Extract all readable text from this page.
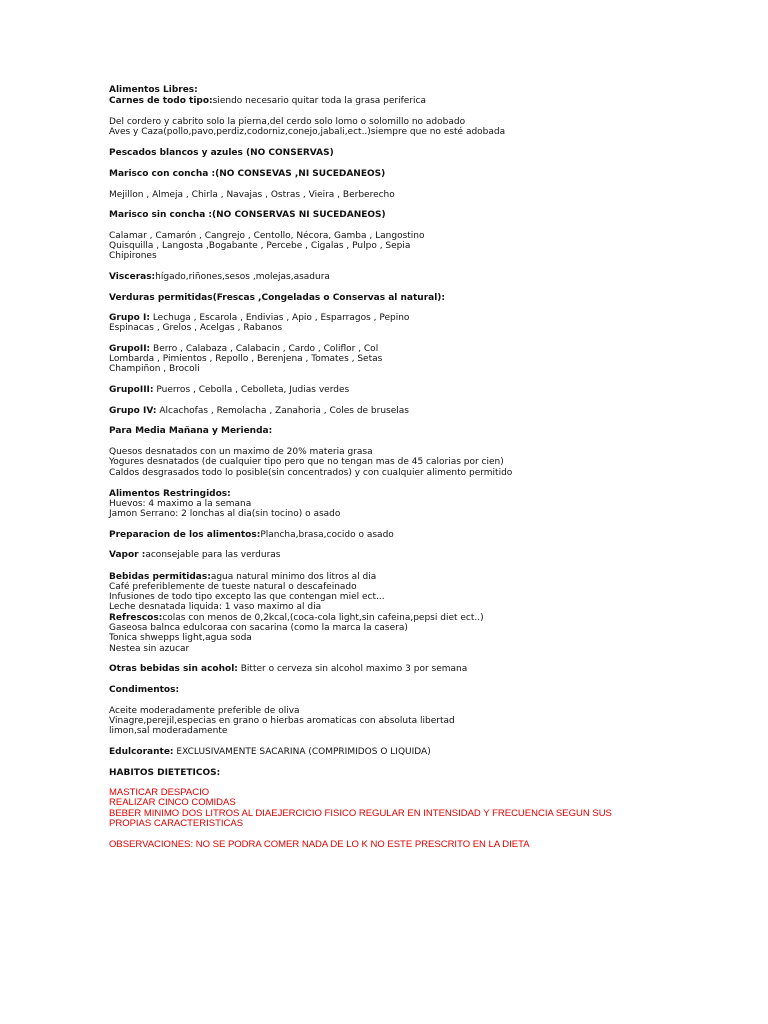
Alimentos Libres:
Carnes de todo tipo:siendo necesario quitar toda la grasa periferica
Del cordero y cabrito solo la pierna,del cerdo solo lomo o solomillo no adobado
Aves y Caza(pollo,pavo,perdiz,codorniz,conejo,jabali,ect..)siempre que no esté adobada
Pescados blancos y azules (NO CONSERVAS)
Marisco con concha :(NO CONSEVAS ,NI SUCEDANEOS)
Mejillon , Almeja , Chirla , Navajas , Ostras , Vieira , Berberecho
Marisco sin concha :(NO CONSERVAS NI SUCEDANEOS)
Calamar , Camarón , Cangrejo , Centollo, Nécora, Gamba , Langostino
Quisquilla , Langosta ,Bogabante , Percebe , Cigalas , Pulpo , Sepia
Chipirones
Visceras:hígado,riñones,sesos ,molejas,asadura
Verduras permitidas(Frescas ,Congeladas o Conservas al natural):
Grupo I: Lechuga , Escarola , Endivias , Apio , Esparragos , Pepino
Espinacas , Grelos , Acelgas , Rabanos
GrupoII: Berro , Calabaza , Calabacin , Cardo , Coliflor , Col
Lombarda , Pimientos , Repollo , Berenjena , Tomates , Setas
Champiñon , Brocoli
GrupoIII: Puerros , Cebolla , Cebolleta, Judias verdes
Grupo IV: Alcachofas , Remolacha , Zanahoria , Coles de bruselas
Para Media Mañana y Merienda:
Quesos desnatados con un maximo de 20% materia grasa
Yogures desnatados (de cualquier tipo pero que no tengan mas de 45 calorias por cien)
Caldos desgrasados todo lo posible(sin concentrados) y con cualquier alimento permitido
Alimentos Restringidos:
Huevos: 4 maximo a la semana
Jamon Serrano: 2 lonchas al dia(sin tocino) o asado
Preparacion de los alimentos:Plancha,brasa,cocido o asado
Vapor :aconsejable para las verduras
Bebidas permitidas:agua natural minimo dos litros al dia
Café preferiblemente de tueste natural o descafeinado
Infusiones de todo tipo excepto las que contengan miel ect...
Leche desnatada liquida: 1 vaso maximo al dia
Refrescos:colas con menos de 0,2kcal,(coca-cola light,sin cafeina,pepsi diet ect..)
Gaseosa balnca edulcoraa con sacarina (como la marca la casera)
Tonica shwepps light,agua soda
Nestea sin azucar
Otras bebidas sin acohol: Bitter o cerveza sin alcohol maximo 3 por semana
Condimentos:
Aceite moderadamente preferible de oliva
Vinagre,perejil,especias en grano o hierbas aromaticas con absoluta libertad
limon,sal moderadamente
Edulcorante: EXCLUSIVAMENTE SACARINA (COMPRIMIDOS O LIQUIDA)
HABITOS DIETETICOS:
MASTICAR DESPACIO
REALIZAR CINCO COMIDAS
BEBER MINIMO DOS LITROS AL DIAEJERCICIO FISICO REGULAR EN INTENSIDAD Y FRECUENCIA SEGUN SUS
PROPIAS CARACTERISTICAS
OBSERVACIONES: NO SE PODRA COMER NADA DE LO K NO ESTE PRESCRITO EN LA DIETA
